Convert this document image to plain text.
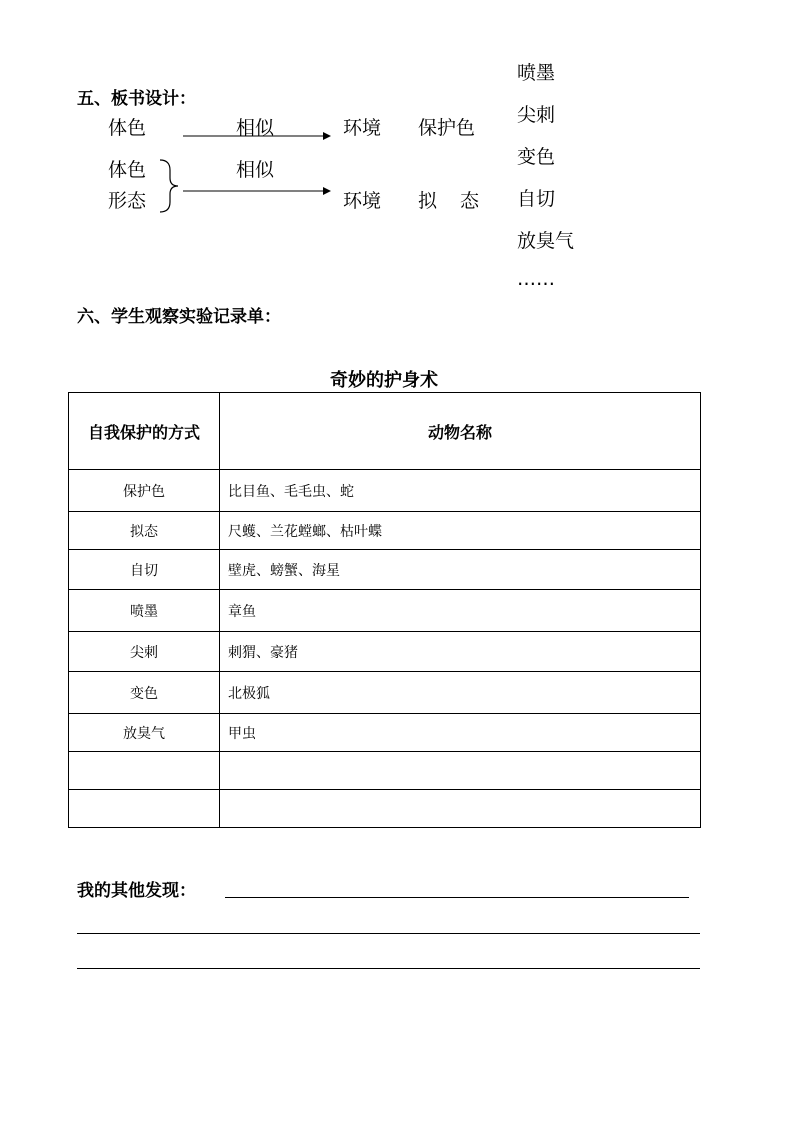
五、板书设计：
体色	相似	环境 保护色
体色
形态
相似
环境 拟 态
喷墨
尖刺
变色
自切
放臭气
……
六、学生观察实验记录单：
奇妙的护身术
自我保护的方式	动物名称
保护色	比目鱼、毛毛虫、蛇
拟态	尺蠖、兰花螳螂、枯叶蝶
自切	壁虎、螃蟹、海星
喷墨	章鱼
尖刺	刺猬、豪猪
变色	北极狐
放臭气	甲虫

我的其他发现：
